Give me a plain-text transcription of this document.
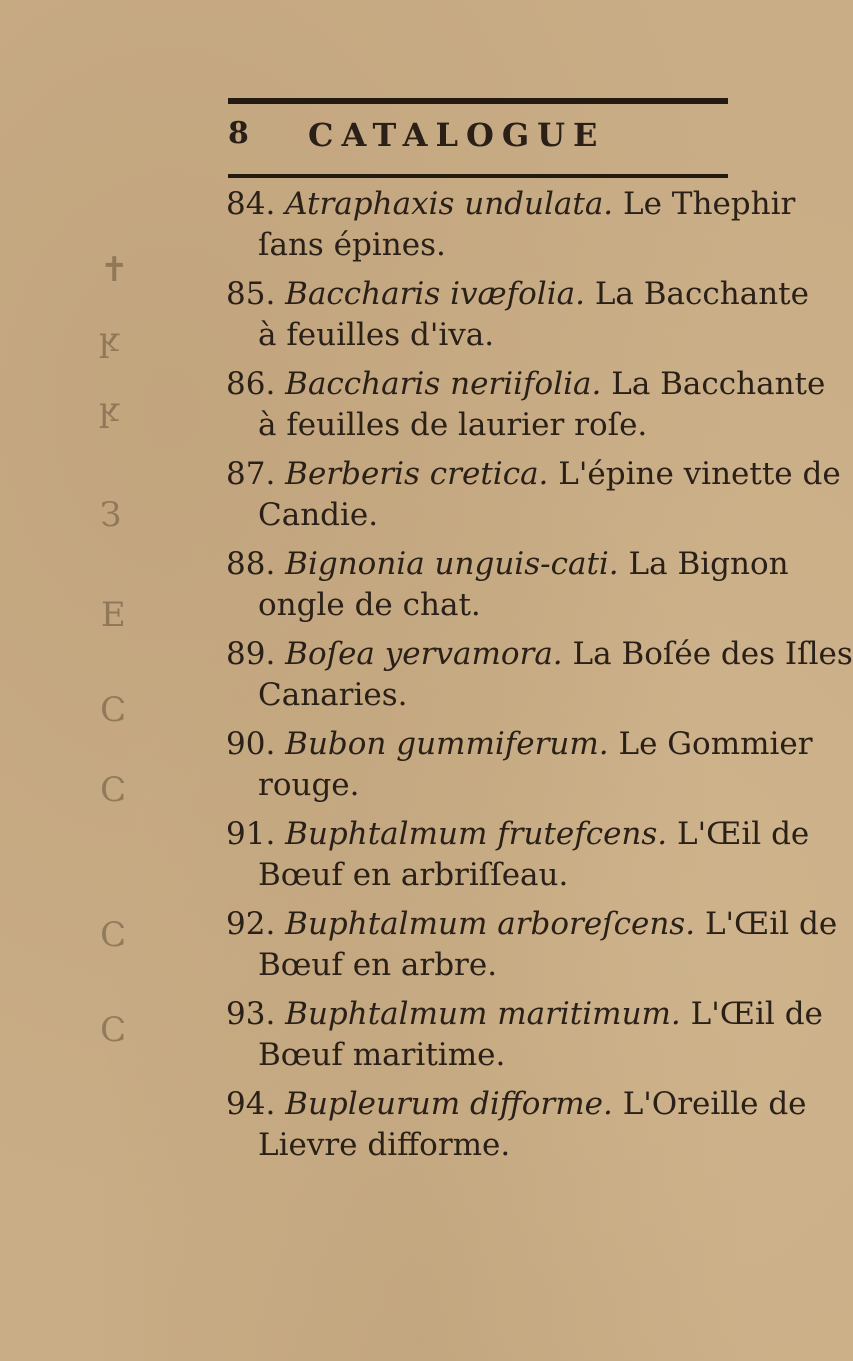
✝
ʞ
ʞ
Ɛ
Ǝ
Ɔ
Ɔ
Ɔ
Ɔ
8 CATALOGUE
84. Atraphaxis undulata. Le Thephir
ſans épines.
85. Baccharis ivæfolia. La Bacchante
à feuilles d'iva.
86. Baccharis neriifolia. La Bacchante
à feuilles de laurier roſe.
87. Berberis cretica. L'épine vinette de
Candie.
88. Bignonia unguis-cati. La Bignon
ongle de chat.
89. Boſea yervamora. La Boſée des Iſles
Canaries.
90. Bubon gummiferum. Le Gommier
rouge.
91. Buphtalmum frutefcens. L'Œil de
Bœuf en arbriſſeau.
92. Buphtalmum arboreſcens. L'Œil de
Bœuf en arbre.
93. Buphtalmum maritimum. L'Œil de
Bœuf maritime.
94. Bupleurum difforme. L'Oreille de
Lievre difforme.
